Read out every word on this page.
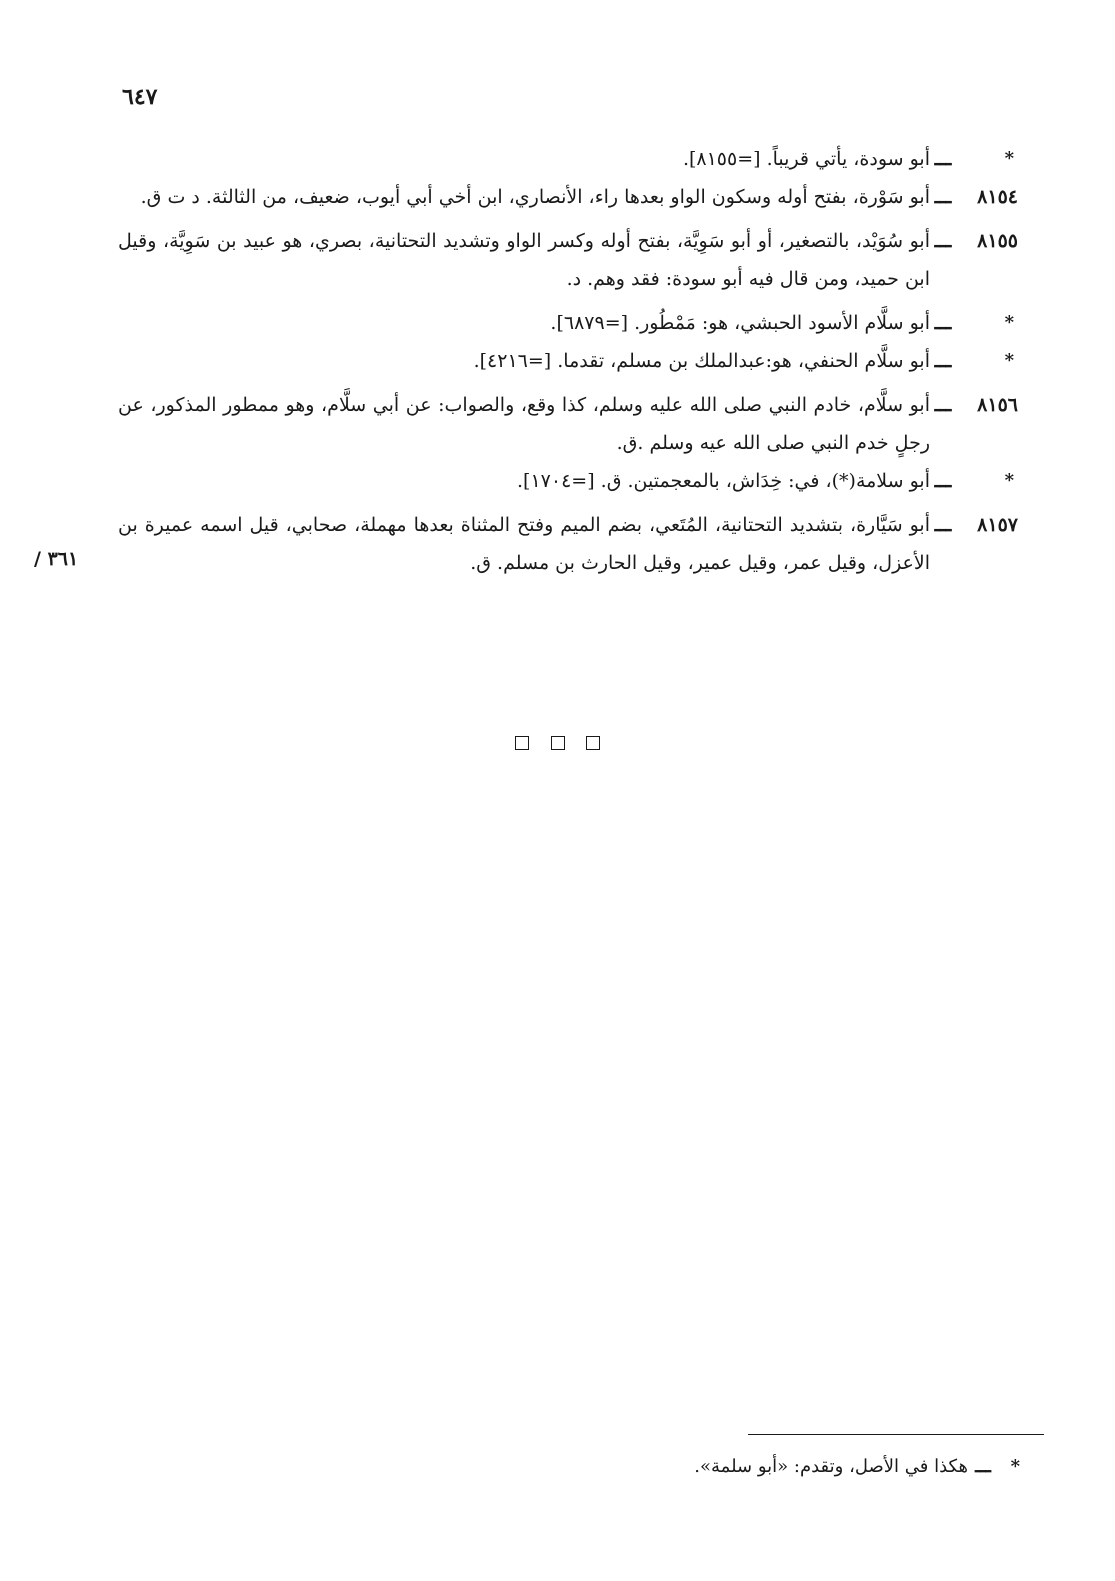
٦٤٧
/ ٣٦١
*
ـــ
أبو سودة، يأتي قريباً. [=٨١٥٥].
٨١٥٤
ـــ
أبو سَوْرة، بفتح أوله وسكون الواو بعدها راء، الأنصاري، ابن أخي أبي أيوب، ضعيف، من الثالثة. د ت ق.
٨١٥٥
ـــ
أبو سُوَيْد، بالتصغير، أو أبو سَوِيَّة، بفتح أوله وكسر الواو وتشديد التحتانية، بصري، هو عبيد بن سَوِيَّة، وقيل ابن حميد، ومن قال فيه أبو سودة: فقد وهم. د.
*
ـــ
أبو سلَّام الأسود الحبشي، هو: مَمْطُور. [=٦٨٧٩].
*
ـــ
أبو سلَّام الحنفي، هو:عبدالملك بن مسلم، تقدما. [=٤٢١٦].
٨١٥٦
ـــ
أبو سلَّام، خادم النبي صلى الله عليه وسلم، كذا وقع، والصواب: عن أبي سلَّام، وهو ممطور المذكور، عن رجلٍ خدم النبي صلى الله عيه وسلم .ق.
*
ـــ
أبو سلامة(*)، في: خِدَاش، بالمعجمتين. ق. [=١٧٠٤].
٨١٥٧
ـــ
أبو سَيَّارة، بتشديد التحتانية، المُتَعي، بضم الميم وفتح المثناة بعدها مهملة، صحابي، قيل اسمه عميرة بن الأعزل، وقيل عمر، وقيل عمير، وقيل الحارث بن مسلم. ق.

*
ـــ
هكذا في الأصل، وتقدم: «أبو سلمة».
